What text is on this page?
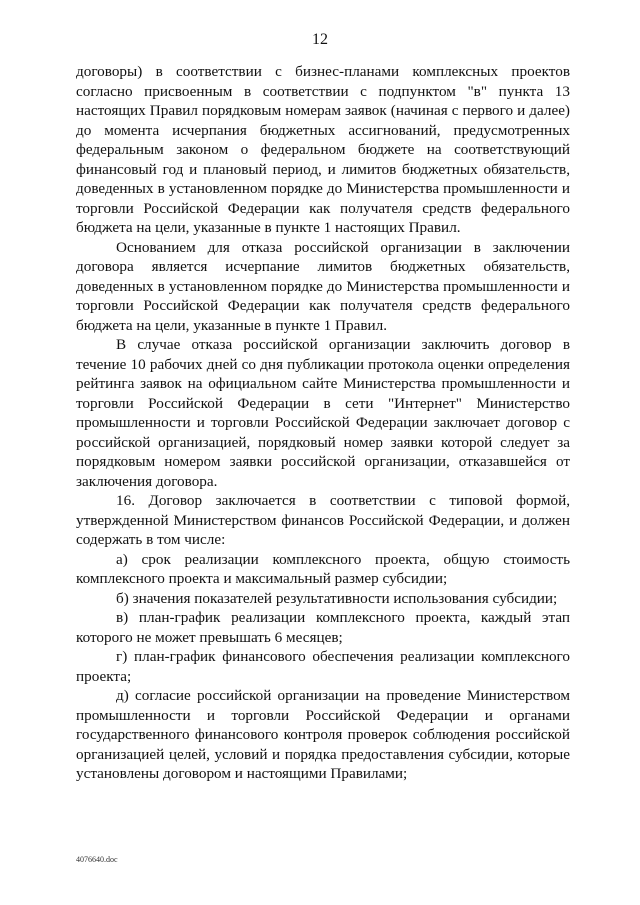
12

договоры) в соответствии с бизнес-планами комплексных проектов согласно присвоенным в соответствии с подпунктом "в" пункта 13 настоящих Правил порядковым номерам заявок (начиная с первого и далее) до момента исчерпания бюджетных ассигнований, предусмотренных федеральным законом о федеральном бюджете на соответствующий финансовый год и плановый период, и лимитов бюджетных обязательств, доведенных в установленном порядке до Министерства промышленности и торговли Российской Федерации как получателя средств федерального бюджета на цели, указанные в пункте 1 настоящих Правил.

Основанием для отказа российской организации в заключении договора является исчерпание лимитов бюджетных обязательств, доведенных в установленном порядке до Министерства промышленности и торговли Российской Федерации как получателя средств федерального бюджета на цели, указанные в пункте 1 Правил.

В случае отказа российской организации заключить договор в течение 10 рабочих дней со дня публикации протокола оценки определения рейтинга заявок на официальном сайте Министерства промышленности и торговли Российской Федерации в сети "Интернет" Министерство промышленности и торговли Российской Федерации заключает договор с российской организацией, порядковый номер заявки которой следует за порядковым номером заявки российской организации, отказавшейся от заключения договора.

16. Договор заключается в соответствии с типовой формой, утвержденной Министерством финансов Российской Федерации, и должен содержать в том числе:

а) срок реализации комплексного проекта, общую стоимость комплексного проекта и максимальный размер субсидии;

б) значения показателей результативности использования субсидии;

в) план-график реализации комплексного проекта, каждый этап которого не может превышать 6 месяцев;

г) план-график финансового обеспечения реализации комплексного проекта;

д) согласие российской организации на проведение Министерством промышленности и торговли Российской Федерации и органами государственного финансового контроля проверок соблюдения российской организацией целей, условий и порядка предоставления субсидии, которые установлены договором и настоящими Правилами;

4076640.doc
